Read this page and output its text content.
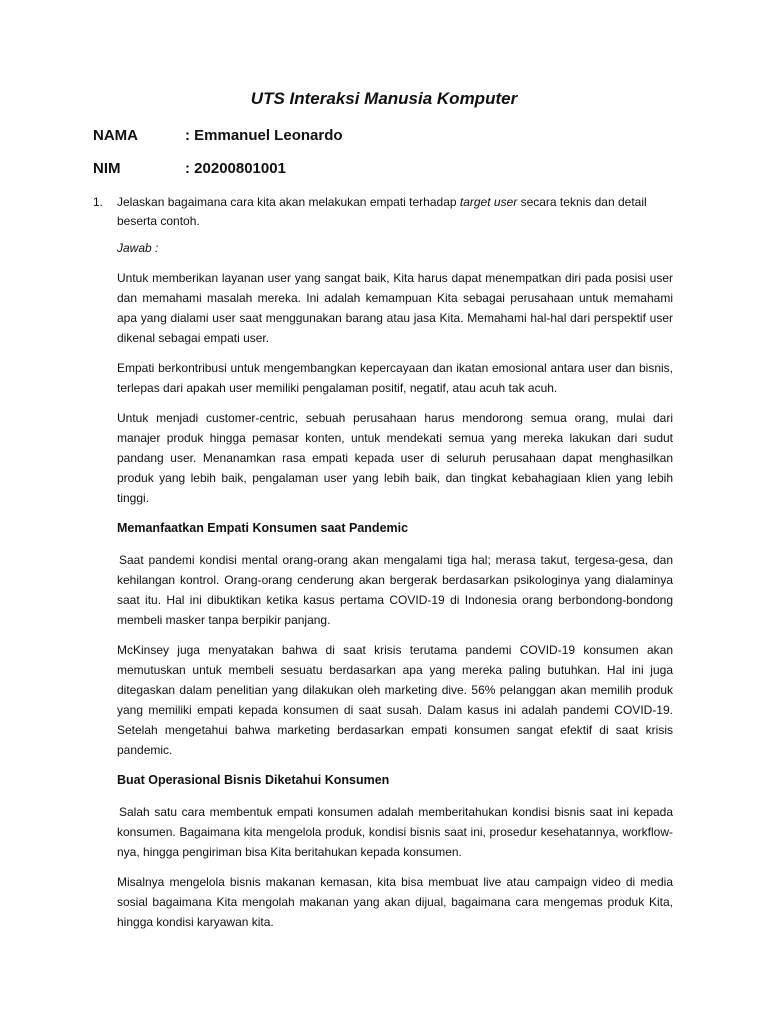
UTS Interaksi Manusia Komputer
NAMA	: Emmanuel Leonardo
NIM	: 20200801001
1. Jelaskan bagaimana cara kita akan melakukan empati terhadap target user secara teknis dan detail beserta contoh.

Jawab :

Untuk memberikan layanan user yang sangat baik, Kita harus dapat menempatkan diri pada posisi user dan memahami masalah mereka. Ini adalah kemampuan Kita sebagai perusahaan untuk memahami apa yang dialami user saat menggunakan barang atau jasa Kita. Memahami hal-hal dari perspektif user dikenal sebagai empati user.

Empati berkontribusi untuk mengembangkan kepercayaan dan ikatan emosional antara user dan bisnis, terlepas dari apakah user memiliki pengalaman positif, negatif, atau acuh tak acuh.

Untuk menjadi customer-centric, sebuah perusahaan harus mendorong semua orang, mulai dari manajer produk hingga pemasar konten, untuk mendekati semua yang mereka lakukan dari sudut pandang user. Menanamkan rasa empati kepada user di seluruh perusahaan dapat menghasilkan produk yang lebih baik, pengalaman user yang lebih baik, dan tingkat kebahagiaan klien yang lebih tinggi.

Memanfaatkan Empati Konsumen saat Pandemic

Saat pandemi kondisi mental orang-orang akan mengalami tiga hal; merasa takut, tergesa-gesa, dan kehilangan kontrol. Orang-orang cenderung akan bergerak berdasarkan psikologinya yang dialaminya saat itu. Hal ini dibuktikan ketika kasus pertama COVID-19 di Indonesia orang berbondong-bondong membeli masker tanpa berpikir panjang.

McKinsey juga menyatakan bahwa di saat krisis terutama pandemi COVID-19 konsumen akan memutuskan untuk membeli sesuatu berdasarkan apa yang mereka paling butuhkan. Hal ini juga ditegaskan dalam penelitian yang dilakukan oleh marketing dive. 56% pelanggan akan memilih produk yang memiliki empati kepada konsumen di saat susah. Dalam kasus ini adalah pandemi COVID-19. Setelah mengetahui bahwa marketing berdasarkan empati konsumen sangat efektif di saat krisis pandemic.

Buat Operasional Bisnis Diketahui Konsumen

Salah satu cara membentuk empati konsumen adalah memberitahukan kondisi bisnis saat ini kepada konsumen. Bagaimana kita mengelola produk, kondisi bisnis saat ini, prosedur kesehatannya, workflow-nya, hingga pengiriman bisa Kita beritahukan kepada konsumen.

Misalnya mengelola bisnis makanan kemasan, kita bisa membuat live atau campaign video di media sosial bagaimana Kita mengolah makanan yang akan dijual, bagaimana cara mengemas produk Kita, hingga kondisi karyawan kita.
